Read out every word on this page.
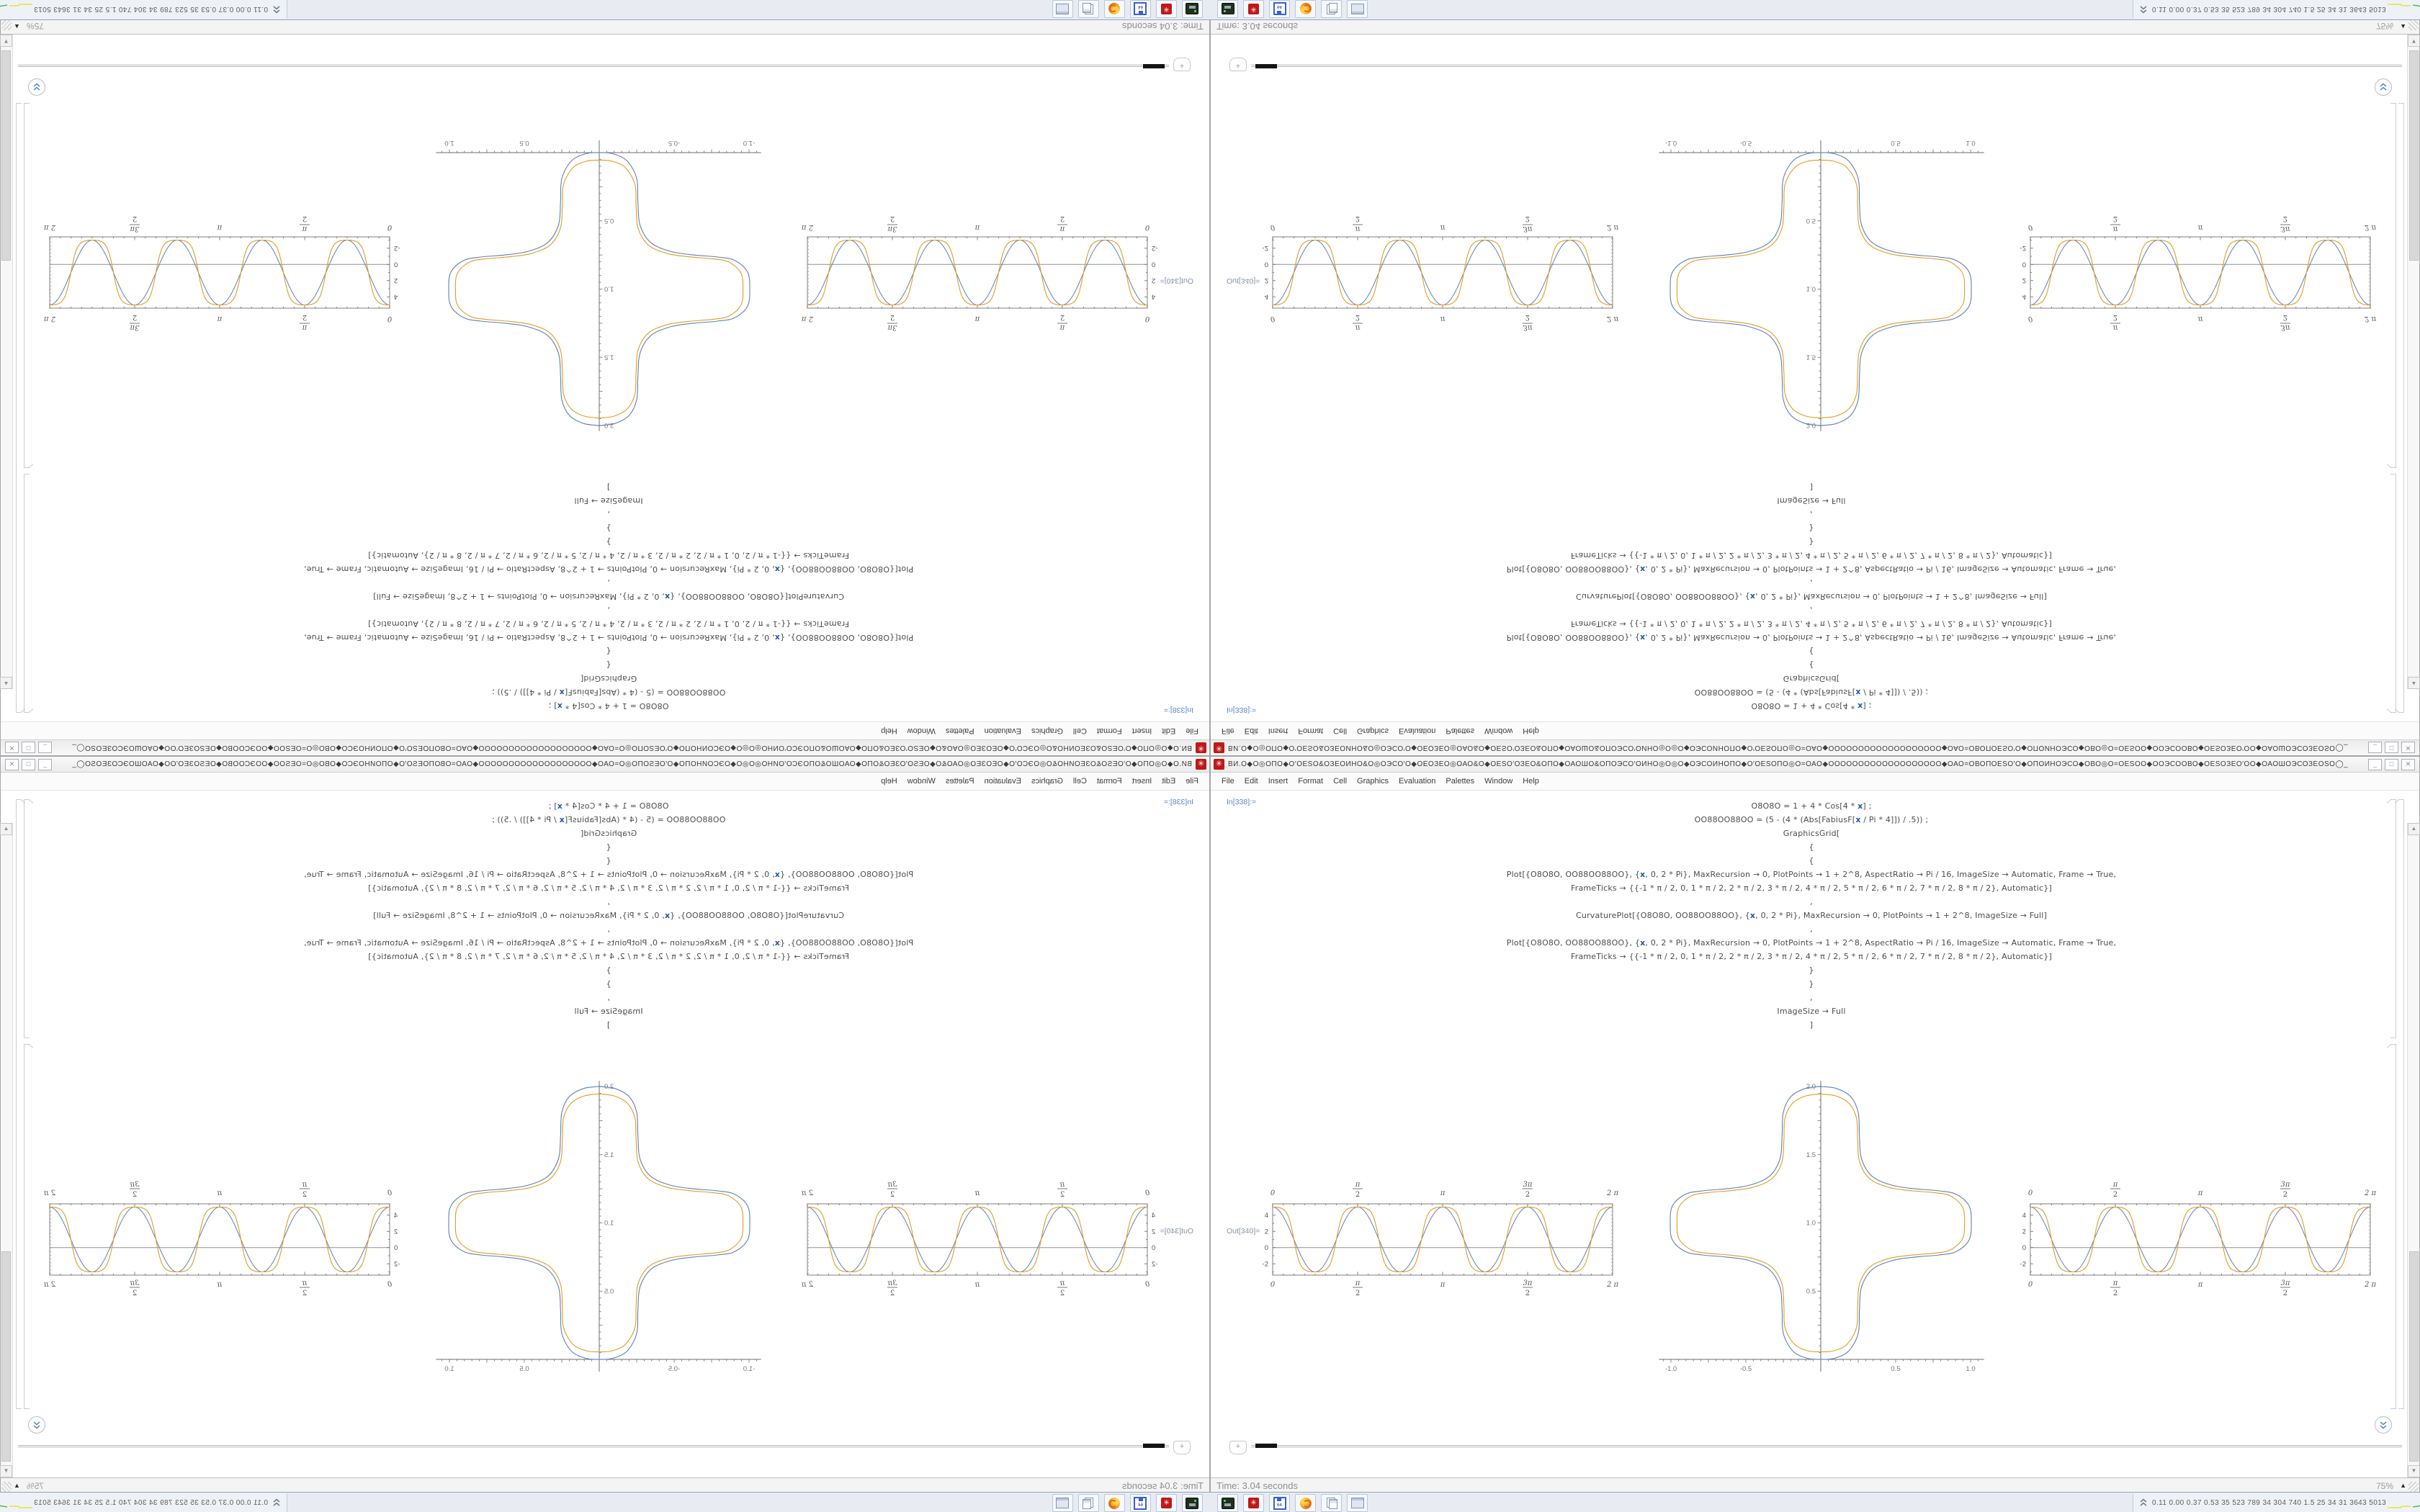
✳
ВИ.О◆О◎ОПО◆О′ОЕЅО&ОЗЕОИНО&О◎ОЭСО′О◆ОЀОЗЕО◎ОАО&О◆ОЕЅО′ОЗЕО&ОПО◆ОАОШО&ОПОЭСО′ОИНО◎О◎О◆ОЭСОИНОПО◆О′ОЕЅОПО◎О=ОАО◆ООООООООООООООООООО◆ОАО=ОВОПОЕЅО′О◆ОПОИНОЭСО◆ОВО◎О=ОЕЅОО◆ООЭСООВО◆ОЕЅОЗЕО′ОО◆ОАОШОЭСОЗЕОЅО◯_
_
□
✕
File
Edit
Insert
Format
Cell
Graphics
Evaluation
Palettes
Window
Help
In[338]:=
O8O8O = 1 + 4 * Cos[4 * x] ;
OO88OO88OO = (5 - (4 * (Abs[FabiusF[x / Pi * 4]]) / .5)) ;
GraphicsGrid[
{
{
Plot[{O8O8O, OO88OO88OO}, {x, 0, 2 * Pi}, MaxRecursion → 0, PlotPoints → 1 + 2^8, AspectRatio → Pi / 16, ImageSize → Automatic, Frame → True,
FrameTicks → {{-1 * π / 2, 0, 1 * π / 2, 2 * π / 2, 3 * π / 2, 4 * π / 2, 5 * π / 2, 6 * π / 2, 7 * π / 2, 8 * π / 2}, Automatic}]
,
CurvaturePlot[{O8O8O, OO88OO88OO}, {x, 0, 2 * Pi}, MaxRecursion → 0, PlotPoints → 1 + 2^8, ImageSize → Full]
,
Plot[{O8O8O, OO88OO88OO}, {x, 0, 2 * Pi}, MaxRecursion → 0, PlotPoints → 1 + 2^8, AspectRatio → Pi / 16, ImageSize → Automatic, Frame → True,
FrameTicks → {{-1 * π / 2, 0, 1 * π / 2, 2 * π / 2, 3 * π / 2, 4 * π / 2, 5 * π / 2, 6 * π / 2, 7 * π / 2, 8 * π / 2}, Automatic}]
}
}
,
ImageSize → Full
]
Out[340]=
4
2
0
-2
0
0
π
π
2 π
2 π
π
2
3π
2
π
2
3π
2
0.5
1.0
1.5
2.0
-1.0
-0.5
0.5
1.0
4
2
0
-2
0
0
π
π
2 π
2 π
π
2
3π
2
π
2
3π
2
+
▲
▼
Time: 3.04 seconds
75%
▲
✳
64
0.11 0.00 0.37 0.53 35 523 789 34 304 740 1.5 25 34 31 3643 5013
✳ ВИ.О◆О◎ОПО◆О′ОЕЅО&ОЗЕОИНО&О◎ОЭСО′О◆ОЀОЗЕО◎ОАО&О◆ОЕЅО′ОЗЕО&ОПО◆ОАОШО&ОПОЭСО′ОИНО◎О◎О◆ОЭСОИНОПО◆О′ОЕЅОПО◎О=ОАО◆ООООООООООООООООООО◆ОАО=ОВОПОЕЅО′О◆ОПОИНОЭСО◆ОВО◎О=ОЕЅОО◆ООЭСООВО◆ОЕЅОЗЕО′ОО◆ОАОШОЭСОЗЕОЅО◯_	_	□	✕
File	Edit	Insert	Format	Cell	Graphics	Evaluation	Palettes	Window	Help
In[338]:=	O8O8O = 1 + 4 * Cos[4 * x] ;
OO88OO88OO = (5 - (4 * (Abs[FabiusF[x / Pi * 4]]) / .5)) ;
GraphicsGrid[
{
{
Plot[{O8O8O, OO88OO88OO}, {x, 0, 2 * Pi}, MaxRecursion → 0, PlotPoints → 1 + 2^8, AspectRatio → Pi / 16, ImageSize → Automatic, Frame → True,
FrameTicks → {{-1 * π / 2, 0, 1 * π / 2, 2 * π / 2, 3 * π / 2, 4 * π / 2, 5 * π / 2, 6 * π / 2, 7 * π / 2, 8 * π / 2}, Automatic}]
,
CurvaturePlot[{O8O8O, OO88OO88OO}, {x, 0, 2 * Pi}, MaxRecursion → 0, PlotPoints → 1 + 2^8, ImageSize → Full]
,
Plot[{O8O8O, OO88OO88OO}, {x, 0, 2 * Pi}, MaxRecursion → 0, PlotPoints → 1 + 2^8, AspectRatio → Pi / 16, ImageSize → Automatic, Frame → True,
FrameTicks → {{-1 * π / 2, 0, 1 * π / 2, 2 * π / 2, 3 * π / 2, 4 * π / 2, 5 * π / 2, 6 * π / 2, 7 * π / 2, 8 * π / 2}, Automatic}]
}
}
,
ImageSize → Full
]
Out[340]=
4
2
0
-2
0
0
π
π
2 π
2 π
π
2
3π
2
π
2
3π
2	0.5
1.0
1.5
2.0
-1.0	-0.5	0.5	1.0
4
2
0
-2
0
0
π
π
2 π
2 π
π
2
3π
2
π
2
3π
2
+
▲
▼
Time: 3.04 seconds	75% ▲
✳	64	0.11 0.00 0.37 0.53 35 523 789 34 304 740 1.5 25 34 31 3643 5013
✳
ВИ.О◆О◎ОПО◆О′ОЕЅО&ОЗЕОИНО&О◎ОЭСО′О◆ОЀОЗЕО◎ОАО&О◆ОЕЅО′ОЗЕО&ОПО◆ОАОШО&ОПОЭСО′ОИНО◎О◎О◆ОЭСОИНОПО◆О′ОЕЅОПО◎О=ОАО◆ООООООООООООООООООО◆ОАО=ОВОПОЕЅО′О◆ОПОИНОЭСО◆ОВО◎О=ОЕЅОО◆ООЭСООВО◆ОЕЅОЗЕО′ОО◆ОАОШОЭСОЗЕОЅО◯_
_
□
✕
File
Edit
Insert
Format
Cell
Graphics
Evaluation
Palettes
Window
Help
In[338]:=
O8O8O = 1 + 4 * Cos[4 * x] ;
OO88OO88OO = (5 - (4 * (Abs[FabiusF[x / Pi * 4]]) / .5)) ;
GraphicsGrid[
{
{
Plot[{O8O8O, OO88OO88OO}, {x, 0, 2 * Pi}, MaxRecursion → 0, PlotPoints → 1 + 2^8, AspectRatio → Pi / 16, ImageSize → Automatic, Frame → True,
FrameTicks → {{-1 * π / 2, 0, 1 * π / 2, 2 * π / 2, 3 * π / 2, 4 * π / 2, 5 * π / 2, 6 * π / 2, 7 * π / 2, 8 * π / 2}, Automatic}]
,
CurvaturePlot[{O8O8O, OO88OO88OO}, {x, 0, 2 * Pi}, MaxRecursion → 0, PlotPoints → 1 + 2^8, ImageSize → Full]
,
Plot[{O8O8O, OO88OO88OO}, {x, 0, 2 * Pi}, MaxRecursion → 0, PlotPoints → 1 + 2^8, AspectRatio → Pi / 16, ImageSize → Automatic, Frame → True,
FrameTicks → {{-1 * π / 2, 0, 1 * π / 2, 2 * π / 2, 3 * π / 2, 4 * π / 2, 5 * π / 2, 6 * π / 2, 7 * π / 2, 8 * π / 2}, Automatic}]
}
}
,
ImageSize → Full
]
Out[340]=
4
2
0
-2
0
0
π
π
2 π
2 π
π
2
3π
2
π
2
3π
2
0.5
1.0
1.5
2.0
-1.0
-0.5
0.5
1.0
4
2
0
-2
0
0
π
π
2 π
2 π
π
2
3π
2
π
2
3π
2
+
▲
▼
Time: 3.04 seconds
75%
▲
✳
64
0.11 0.00 0.37 0.53 35 523 789 34 304 740 1.5 25 34 31 3643 5013
✳ ВИ.О◆О◎ОПО◆О′ОЕЅО&ОЗЕОИНО&О◎ОЭСО′О◆ОЀОЗЕО◎ОАО&О◆ОЕЅО′ОЗЕО&ОПО◆ОАОШО&ОПОЭСО′ОИНО◎О◎О◆ОЭСОИНОПО◆О′ОЕЅОПО◎О=ОАО◆ООООООООООООООООООО◆ОАО=ОВОПОЕЅО′О◆ОПОИНОЭСО◆ОВО◎О=ОЕЅОО◆ООЭСООВО◆ОЕЅОЗЕО′ОО◆ОАОШОЭСОЗЕОЅО◯_	_	□	✕
File	Edit	Insert	Format	Cell	Graphics	Evaluation	Palettes	Window	Help
In[338]:=	O8O8O = 1 + 4 * Cos[4 * x] ;
OO88OO88OO = (5 - (4 * (Abs[FabiusF[x / Pi * 4]]) / .5)) ;
GraphicsGrid[
{
{
Plot[{O8O8O, OO88OO88OO}, {x, 0, 2 * Pi}, MaxRecursion → 0, PlotPoints → 1 + 2^8, AspectRatio → Pi / 16, ImageSize → Automatic, Frame → True,
FrameTicks → {{-1 * π / 2, 0, 1 * π / 2, 2 * π / 2, 3 * π / 2, 4 * π / 2, 5 * π / 2, 6 * π / 2, 7 * π / 2, 8 * π / 2}, Automatic}]
,
CurvaturePlot[{O8O8O, OO88OO88OO}, {x, 0, 2 * Pi}, MaxRecursion → 0, PlotPoints → 1 + 2^8, ImageSize → Full]
,
Plot[{O8O8O, OO88OO88OO}, {x, 0, 2 * Pi}, MaxRecursion → 0, PlotPoints → 1 + 2^8, AspectRatio → Pi / 16, ImageSize → Automatic, Frame → True,
FrameTicks → {{-1 * π / 2, 0, 1 * π / 2, 2 * π / 2, 3 * π / 2, 4 * π / 2, 5 * π / 2, 6 * π / 2, 7 * π / 2, 8 * π / 2}, Automatic}]
}
}
,
ImageSize → Full
]
Out[340]=
4
2
0
-2
0
0
π
π
2 π
2 π
π
2
3π
2
π
2
3π
2	0.5
1.0
1.5
2.0
-1.0	-0.5	0.5	1.0
4
2
0
-2
0
0
π
π
2 π
2 π
π
2
3π
2
π
2
3π
2
+
▲
▼
Time: 3.04 seconds	75% ▲
✳	64	0.11 0.00 0.37 0.53 35 523 789 34 304 740 1.5 25 34 31 3643 5013
